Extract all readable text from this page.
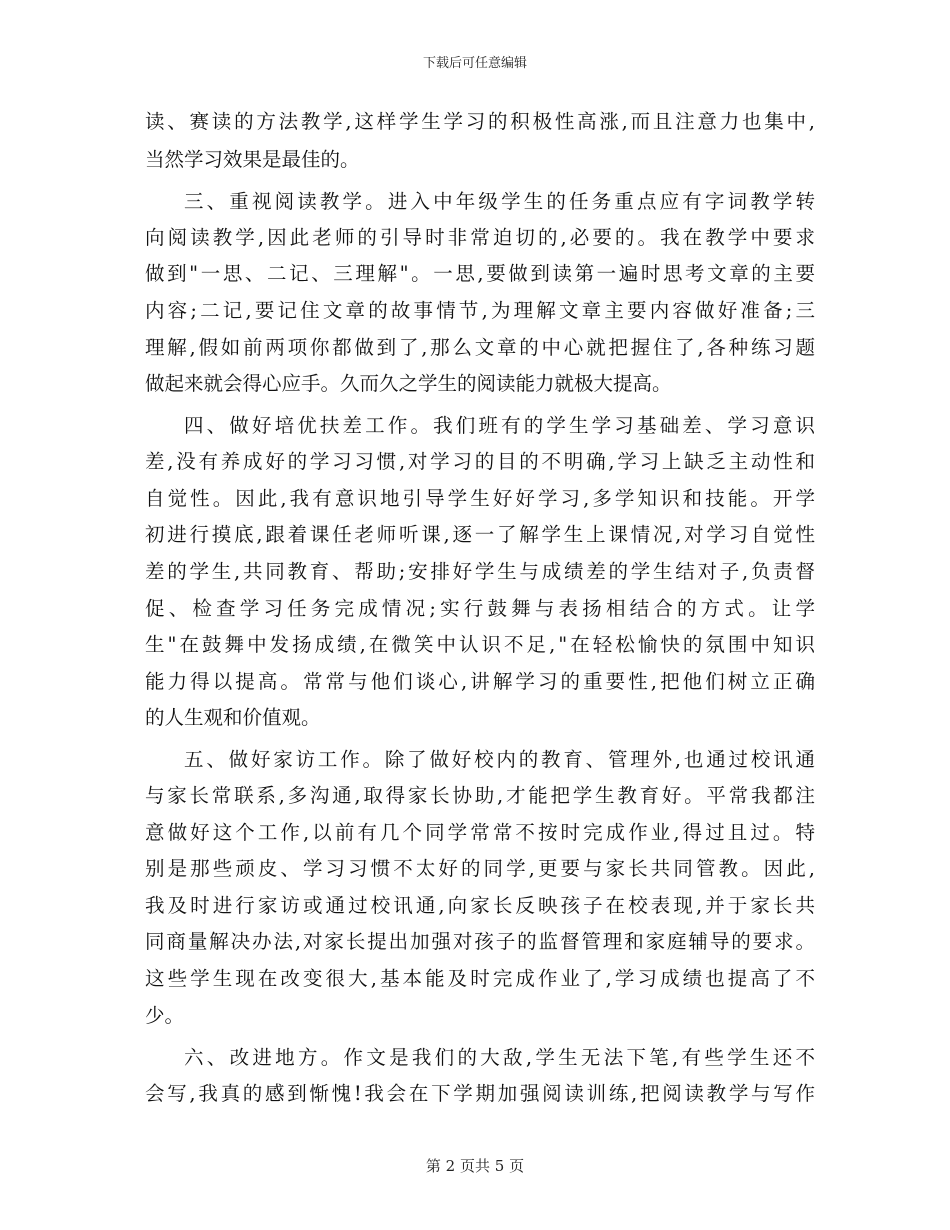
下载后可任意编辑
读、赛读的方法教学,这样学生学习的积极性高涨,而且注意力也集中,
当然学习效果是最佳的。
三、重视阅读教学。进入中年级学生的任务重点应有字词教学转
向阅读教学,因此老师的引导时非常迫切的,必要的。我在教学中要求
做到"一思、二记、三理解"。一思,要做到读第一遍时思考文章的主要
内容;二记,要记住文章的故事情节,为理解文章主要内容做好准备;三
理解,假如前两项你都做到了,那么文章的中心就把握住了,各种练习题
做起来就会得心应手。久而久之学生的阅读能力就极大提高。
四、做好培优扶差工作。我们班有的学生学习基础差、学习意识
差,没有养成好的学习习惯,对学习的目的不明确,学习上缺乏主动性和
自觉性。因此,我有意识地引导学生好好学习,多学知识和技能。开学
初进行摸底,跟着课任老师听课,逐一了解学生上课情况,对学习自觉性
差的学生,共同教育、帮助;安排好学生与成绩差的学生结对子,负责督
促、检查学习任务完成情况;实行鼓舞与表扬相结合的方式。让学
生"在鼓舞中发扬成绩,在微笑中认识不足,"在轻松愉快的氛围中知识
能力得以提高。常常与他们谈心,讲解学习的重要性,把他们树立正确
的人生观和价值观。
五、做好家访工作。除了做好校内的教育、管理外,也通过校讯通
与家长常联系,多沟通,取得家长协助,才能把学生教育好。平常我都注
意做好这个工作,以前有几个同学常常不按时完成作业,得过且过。特
别是那些顽皮、学习习惯不太好的同学,更要与家长共同管教。因此,
我及时进行家访或通过校讯通,向家长反映孩子在校表现,并于家长共
同商量解决办法,对家长提出加强对孩子的监督管理和家庭辅导的要求。
这些学生现在改变很大,基本能及时完成作业了,学习成绩也提高了不
少。
六、改进地方。作文是我们的大敌,学生无法下笔,有些学生还不
会写,我真的感到惭愧!我会在下学期加强阅读训练,把阅读教学与写作
第 2 页共 5 页
